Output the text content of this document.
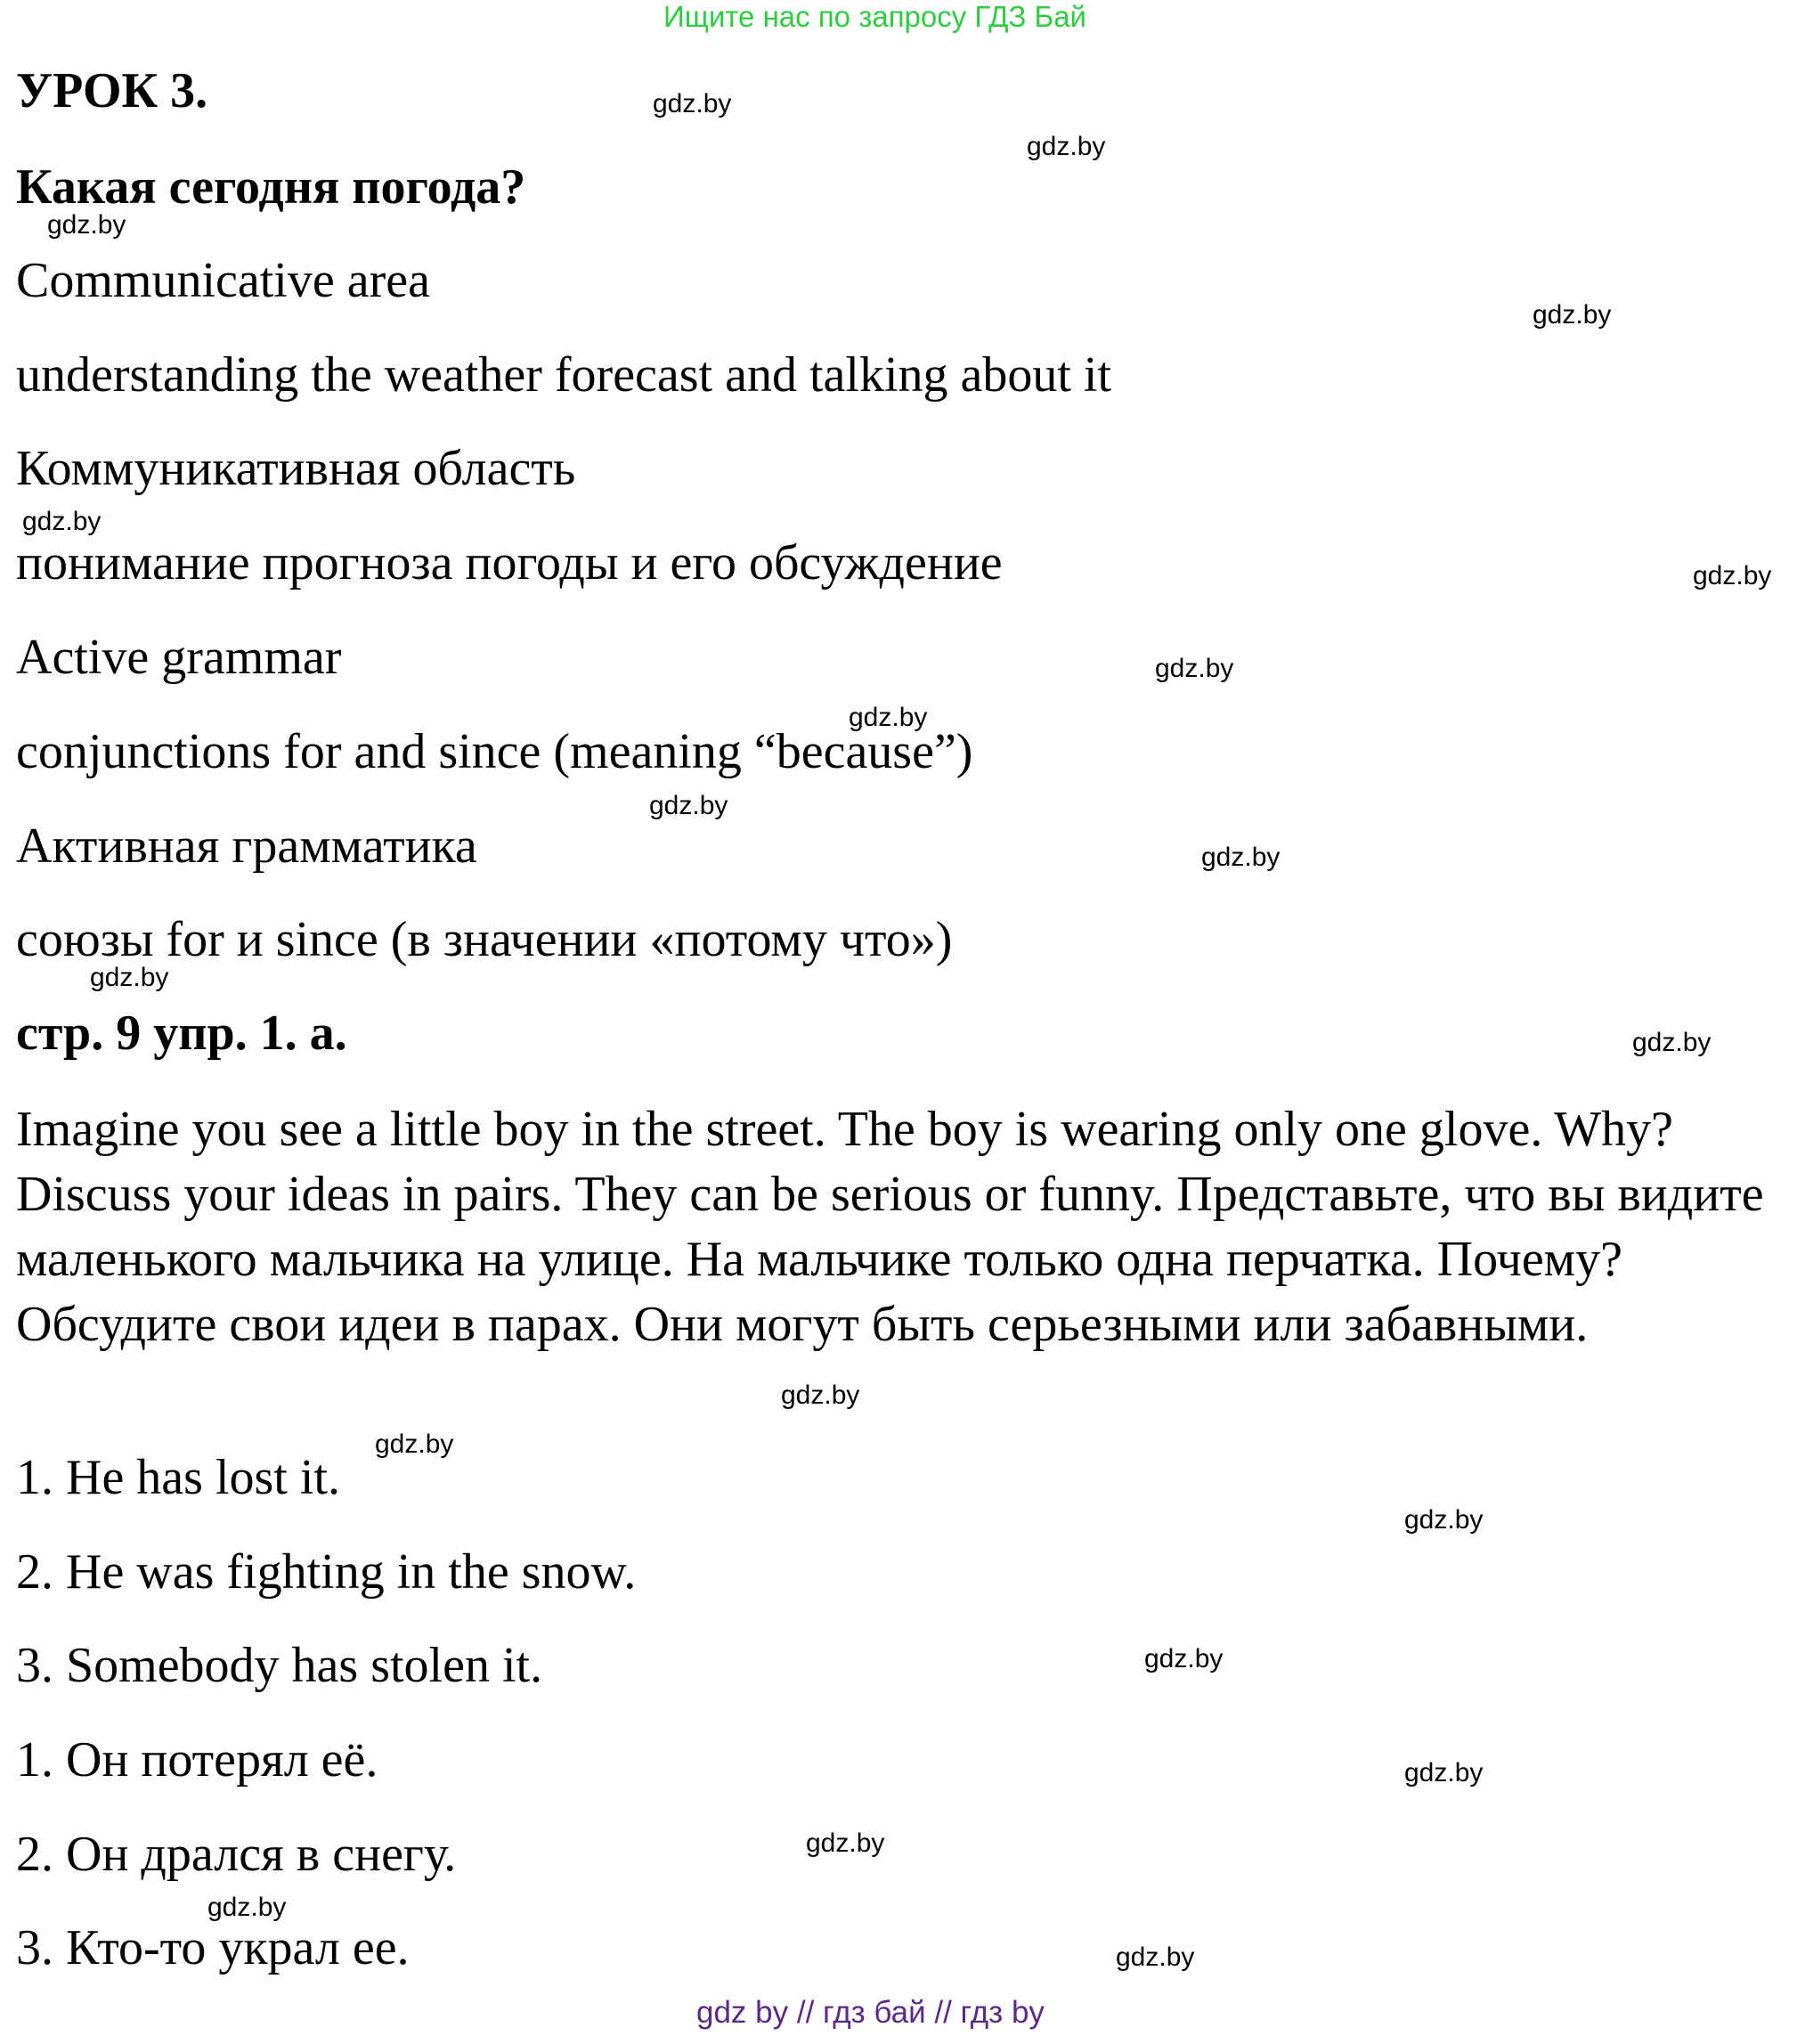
Ищите нас по запросу ГДЗ Бай
УРОК 3.
Какая сегодня погода?
Communicative area
understanding the weather forecast and talking about it
Коммуникативная область
понимание прогноза погоды и его обсуждение
Active grammar
conjunctions for and since (meaning “because”)
Активная грамматика
союзы for и since (в значении «потому что»)
стр. 9 упр. 1. a.
Imagine you see a little boy in the street. The boy is wearing only one glove. Why? Discuss your ideas in pairs. They can be serious or funny. Представьте, что вы видите маленького мальчика на улице. На мальчике только одна перчатка. Почему? Обсудите свои идеи в парах. Они могут быть серьезными или забавными.
1. He has lost it.
2. He was fighting in the snow.
3. Somebody has stolen it.
1. Он потерял её.
2. Он дрался в снегу.
3. Кто-то украл ее.
gdz.by
gdz.by
gdz.by
gdz.by
gdz.by
gdz.by
gdz.by
gdz.by
gdz.by
gdz.by
gdz.by
gdz.by
gdz.by
gdz.by
gdz.by
gdz.by
gdz.by
gdz.by
gdz.by
gdz.by
gdz by // гдз бай // гдз by
